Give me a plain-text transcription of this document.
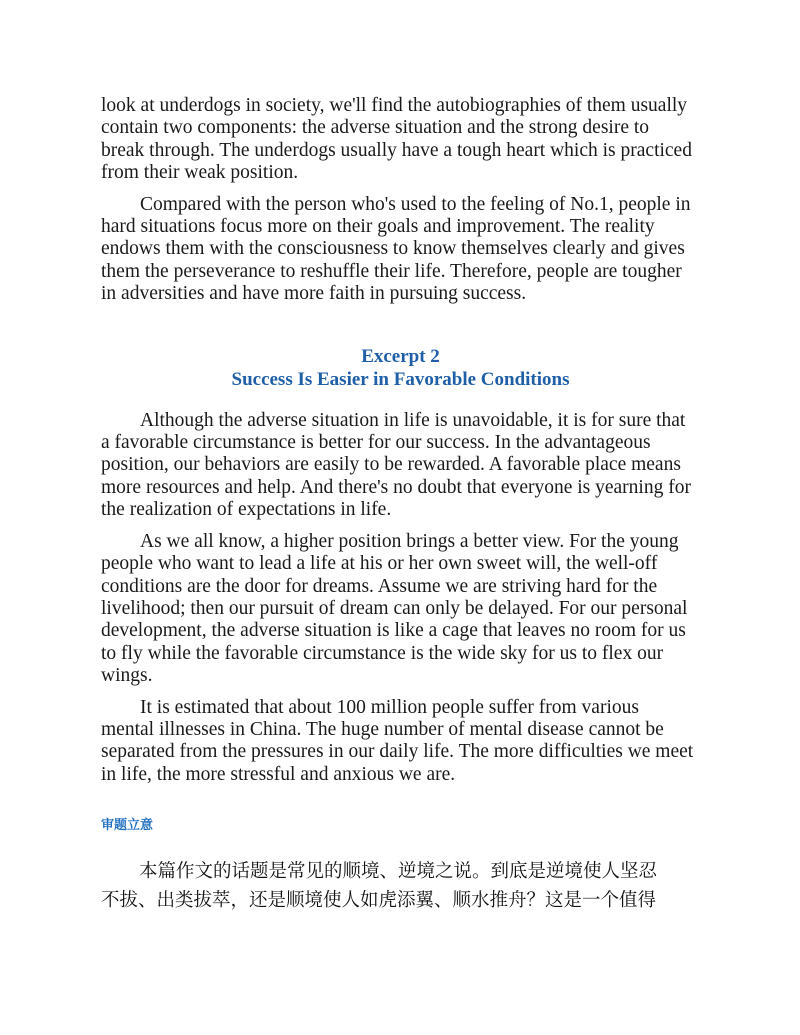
look at underdogs in society, we'll find the autobiographies of them usually
contain two components: the adverse situation and the strong desire to
break through. The underdogs usually have a tough heart which is practiced
from their weak position.

Compared with the person who's used to the feeling of No.1, people in
hard situations focus more on their goals and improvement. The reality
endows them with the consciousness to know themselves clearly and gives
them the perseverance to reshuffle their life. Therefore, people are tougher
in adversities and have more faith in pursuing success.

Excerpt 2
Success Is Easier in Favorable Conditions

Although the adverse situation in life is unavoidable, it is for sure that
a favorable circumstance is better for our success. In the advantageous
position, our behaviors are easily to be rewarded. A favorable place means
more resources and help. And there's no doubt that everyone is yearning for
the realization of expectations in life.

As we all know, a higher position brings a better view. For the young
people who want to lead a life at his or her own sweet will, the well-off
conditions are the door for dreams. Assume we are striving hard for the
livelihood; then our pursuit of dream can only be delayed. For our personal
development, the adverse situation is like a cage that leaves no room for us
to fly while the favorable circumstance is the wide sky for us to flex our
wings.

It is estimated that about 100 million people suffer from various
mental illnesses in China. The huge number of mental disease cannot be
separated from the pressures in our daily life. The more difficulties we meet
in life, the more stressful and anxious we are.

审题立意

本篇作文的话题是常见的顺境、逆境之说。到底是逆境使人坚忍
不拔、出类拔萃，还是顺境使人如虎添翼、顺水推舟？这是一个值得
